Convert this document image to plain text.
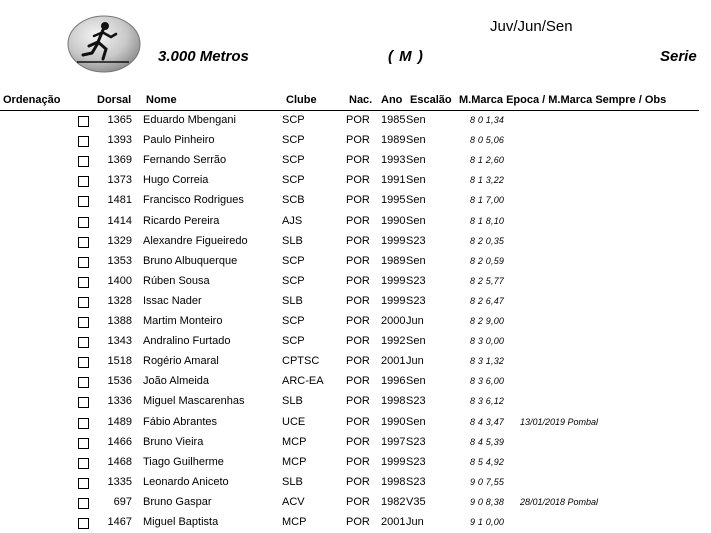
Juv/Jun/Sen
3.000 Metros	( M )	Serie
Ordenação	Dorsal Nome	Clube	Nac. Ano Escalão M.Marca Epoca / M.Marca Sempre / Obs
1365 Eduardo Mbengani	SCP	POR 1985 Sen	8 0 1,34
1393 Paulo Pinheiro	SCP	POR 1989 Sen	8 0 5,06
1369 Fernando Serrão	SCP	POR 1993 Sen	8 1 2,60
1373 Hugo Correia	SCP	POR 1991 Sen	8 1 3,22
1481 Francisco Rodrigues	SCB	POR 1995 Sen	8 1 7,00
1414 Ricardo Pereira	AJS	POR 1990 Sen	8 1 8,10
1329 Alexandre Figueiredo	SLB	POR 1999 S23	8 2 0,35
1353 Bruno Albuquerque	SCP	POR 1989 Sen	8 2 0,59
1400 Rúben Sousa	SCP	POR 1999 S23	8 2 5,77
1328 Issac Nader	SLB	POR 1999 S23	8 2 6,47
1388 Martim Monteiro	SCP	POR 2000 Jun	8 2 9,00
1343 Andralino Furtado	SCP	POR 1992 Sen	8 3 0,00
1518 Rogério Amaral	CPTSC POR 2001 Jun	8 3 1,32
1536 João Almeida	ARC-EA POR 1996 Sen	8 3 6,00
1336 Miguel Mascarenhas	SLB	POR 1998 S23	8 3 6,12
1489 Fábio Abrantes	UCE	POR 1990 Sen	8 4 3,47 13/01/2019 Pombal
1466 Bruno Vieira	MCP	POR 1997 S23	8 4 5,39
1468 Tiago Guilherme	MCP	POR 1999 S23	8 5 4,92
1335 Leonardo Aniceto	SLB	POR 1998 S23	9 0 7,55
697 Bruno Gaspar	ACV	POR 1982 V35	9 0 8,38 28/01/2018 Pombal
1467 Miguel Baptista	MCP	POR 2001 Jun	9 1 0,00
